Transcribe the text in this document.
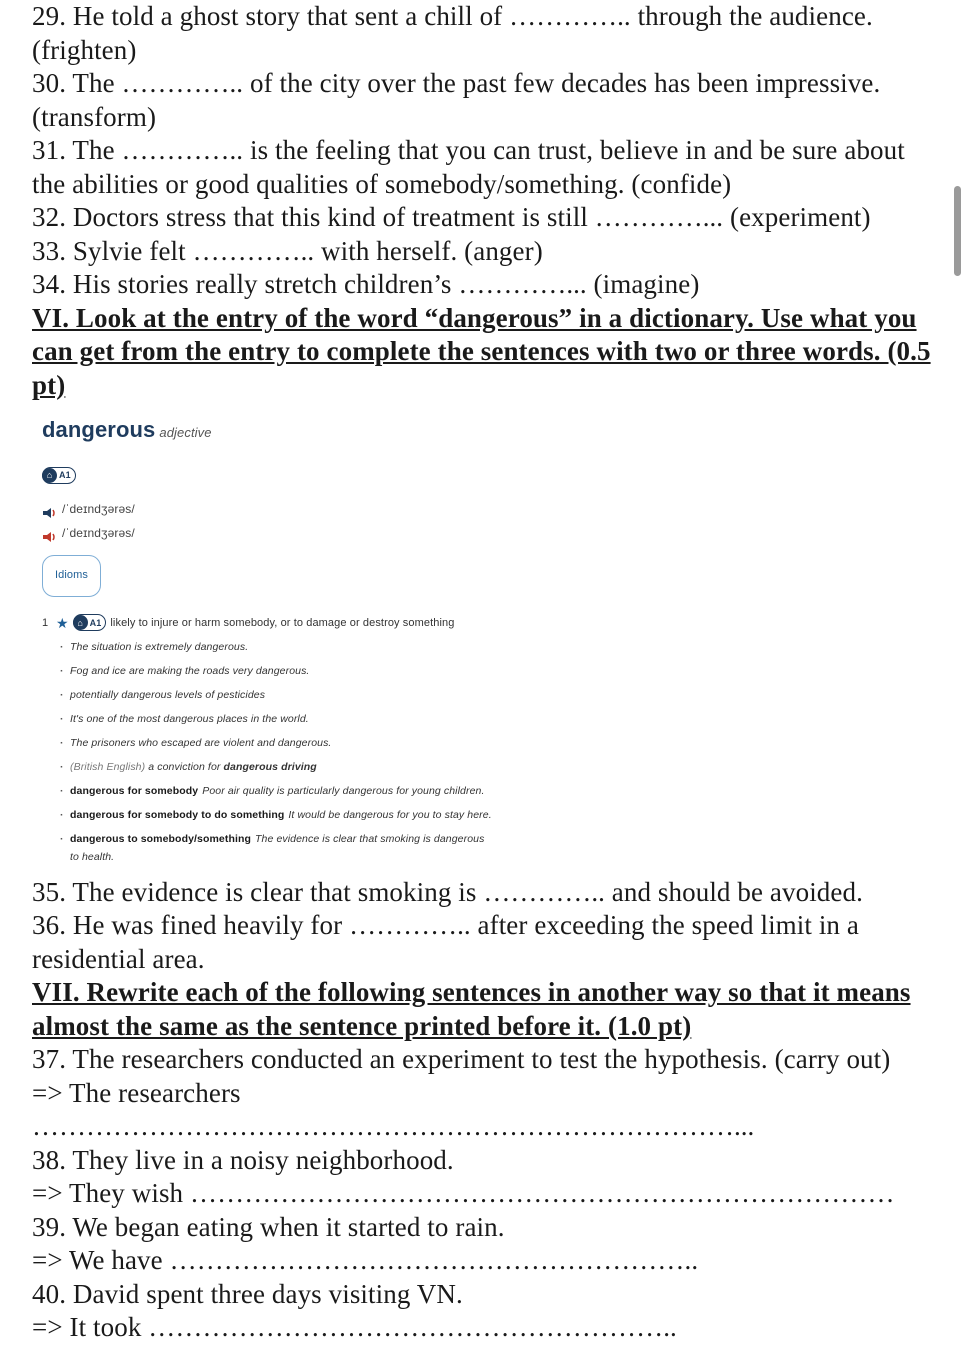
29. He told a ghost story that sent a chill of ………….. through the audience. (frighten)

30. The ………….. of the city over the past few decades has been impressive. (transform)

31. The ………….. is the feeling that you can trust, believe in and be sure about the abilities or good qualities of somebody/something. (confide)

32. Doctors stress that this kind of treatment is still …………... (experiment)

33. Sylvie felt ………….. with herself. (anger)

34. His stories really stretch children’s …………... (imagine)

VI. Look at the entry of the word “dangerous” in a dictionary. Use what you can get from the entry to complete the sentences with two or three words. (0.5 pt)

dangerous adjective
⌂ A1
/ˈdeɪndʒərəs/
/ˈdeɪndʒərəs/
Idioms
1 ★ ⌂ A1 likely to injure or harm somebody, or to damage or destroy something
· The situation is extremely dangerous.
· Fog and ice are making the roads very dangerous.
· potentially dangerous levels of pesticides
· It's one of the most dangerous places in the world.
· The prisoners who escaped are violent and dangerous.
· (British English) a conviction for dangerous driving
· dangerous for somebody Poor air quality is particularly dangerous for young children.
· dangerous for somebody to do something It would be dangerous for you to stay here.
· dangerous to somebody/something The evidence is clear that smoking is dangerous to health.

35. The evidence is clear that smoking is ………….. and should be avoided.

36. He was fined heavily for ………….. after exceeding the speed limit in a residential area.

VII. Rewrite each of the following sentences in another way so that it means almost the same as the sentence printed before it. (1.0 pt)

37. The researchers conducted an experiment to test the hypothesis. (carry out)

=> The researchers

……………………………………………………………………...

38. They live in a noisy neighborhood.

=> They wish ……………………………………………………………………

39. We began eating when it started to rain.

=> We have …………………………………………………..

40. David spent three days visiting VN.

=> It took …………………………………………………..
